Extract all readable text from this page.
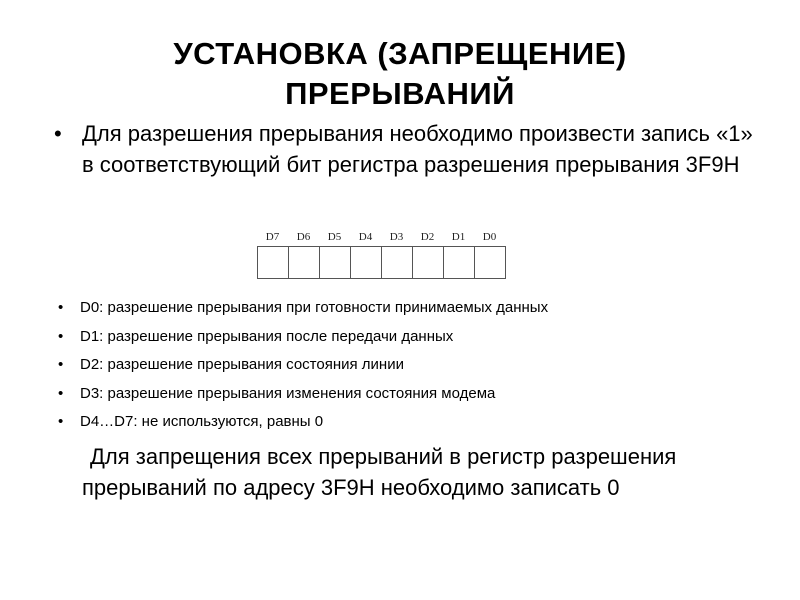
УСТАНОВКА (ЗАПРЕЩЕНИЕ)
ПРЕРЫВАНИЙ
• Для разрешения прерывания необходимо произвести запись «1» в соответствующий бит регистра разрешения прерывания 3F9H
D7	D6	D5	D4	D3	D2	D1	D0
• D0: разрешение прерывания при готовности принимаемых данных
• D1: разрешение прерывания после передачи данных
• D2: разрешение прерывания состояния линии
• D3: разрешение прерывания изменения состояния модема
• D4…D7: не используются, равны 0
Для запрещения всех прерываний в регистр разрешения прерываний по адресу 3F9H необходимо записать 0
